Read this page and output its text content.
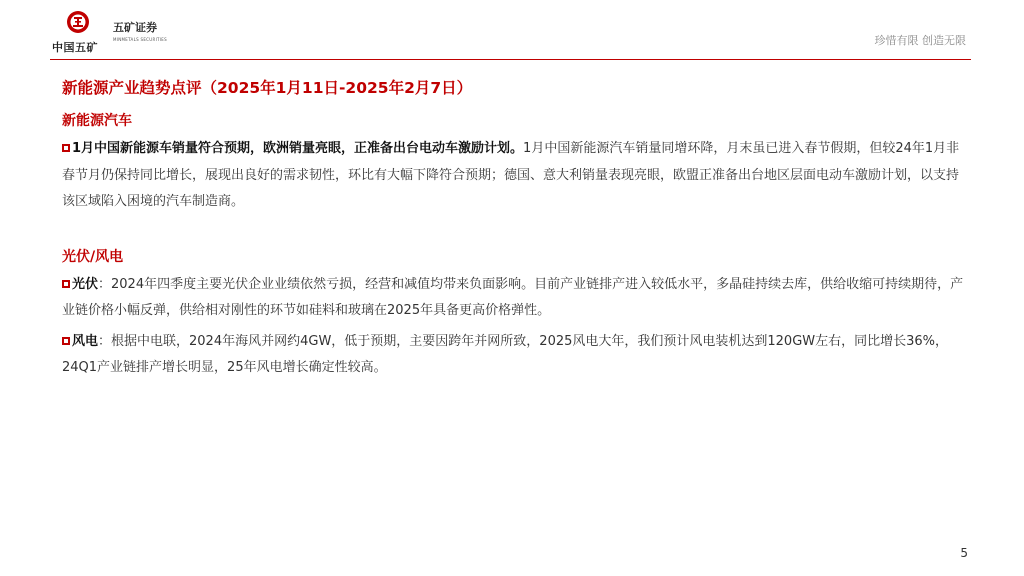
中国五矿
五矿证券
MINMETALS SECURITIES	珍惜有限 创造无限
新能源产业趋势点评（2025年1月11日-2025年2月7日）
新能源汽车
1月中国新能源车销量符合预期，欧洲销量亮眼，正准备出台电动车激励计划。1月中国新能源汽车销量同增环降，月末虽已进入春节假期，但较24年1月非春节月仍保持同比增长，展现出良好的需求韧性，环比有大幅下降符合预期；德国、意大利销量表现亮眼，欧盟正准备出台地区层面电动车激励计划，以支持该区域陷入困境的汽车制造商。
光伏/风电
光伏：2024年四季度主要光伏企业业绩依然亏损，经营和减值均带来负面影响。目前产业链排产进入较低水平，多晶硅持续去库，供给收缩可持续期待，产业链价格小幅反弹，供给相对刚性的环节如硅料和玻璃在2025年具备更高价格弹性。
风电：根据中电联，2024年海风并网约4GW，低于预期，主要因跨年并网所致，2025风电大年，我们预计风电装机达到120GW左右，同比增长36%，24Q1产业链排产增长明显，25年风电增长确定性较高。
5
